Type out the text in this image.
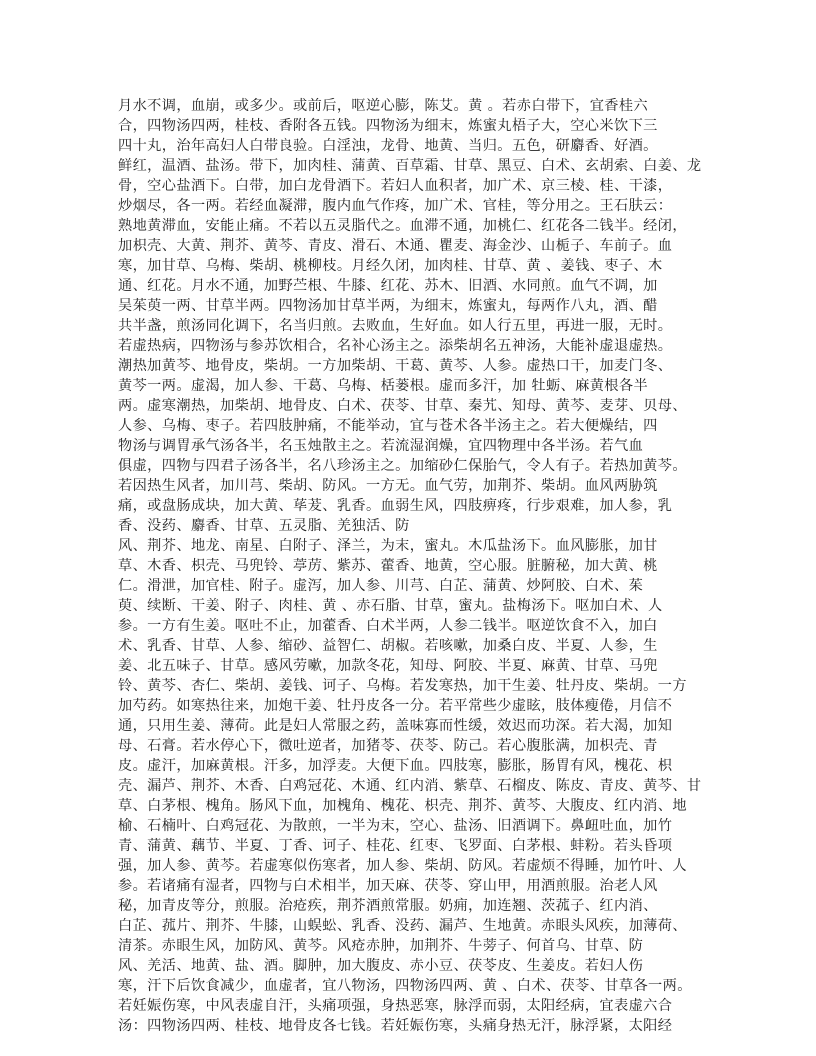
月水不调，血崩，或多少。或前后，呕逆心膨，陈艾。黄 。若赤白带下，宜香桂六
合，四物汤四两，桂枝、香附各五钱。四物汤为细末，炼蜜丸梧子大，空心米饮下三
四十丸，治年高妇人白带良验。白淫浊，龙骨、地黄、当归。五色，研麝香、好酒。
鲜红，温酒、盐汤。带下，加肉桂、蒲黄、百草霜、甘草、黑豆、白术、玄胡索、白姜、龙
骨，空心盐酒下。白带，加白龙骨酒下。若妇人血积者，加广术、京三棱、桂、干漆，
炒烟尽，各一两。若经血凝滞，腹内血气作疼，加广术、官桂，等分用之。王石肤云：
熟地黄滞血，安能止痛。不若以五灵脂代之。血滞不通，加桃仁、红花各二钱半。经闭，
加枳壳、大黄、荆芥、黄芩、青皮、滑石、木通、瞿麦、海金沙、山栀子、车前子。血
寒，加甘草、乌梅、柴胡、桃柳枝。月经久闭，加肉桂、甘草、黄 、姜钱、枣子、木
通、红花。月水不通，加野苎根、牛膝、红花、苏木、旧酒、水同煎。血气不调，加
吴茱萸一两、甘草半两。四物汤加甘草半两，为细末，炼蜜丸，每两作八丸，酒、醋
共半盏，煎汤同化调下，名当归煎。去败血，生好血。如人行五里，再进一服，无时。
若虚热病，四物汤与参苏饮相合，名补心汤主之。添柴胡名五神汤，大能补虚退虚热。
潮热加黄芩、地骨皮，柴胡。一方加柴胡、干葛、黄芩、人参。虚热口干，加麦门冬、
黄芩一两。虚渴，加人参、干葛、乌梅、栝蒌根。虚而多汗，加 牡蛎、麻黄根各半
两。虚寒潮热，加柴胡、地骨皮、白术、茯苓、甘草、秦艽、知母、黄芩、麦芽、贝母、
人参、乌梅、枣子。若四肢肿痛，不能举动，宜与苍术各半汤主之。若大便燥结，四
物汤与调胃承气汤各半，名玉烛散主之。若流湿润燥，宜四物理中各半汤。若气血
俱虚，四物与四君子汤各半，名八珍汤主之。加缩砂仁保胎气，令人有子。若热加黄芩。
若因热生风者，加川芎、柴胡、防风。一方无。血气劳，加荆芥、柴胡。血风两胁筑
痛，或盘肠成块，加大黄、荜茇、乳香。血弱生风，四肢痹疼，行步艰难，加人参，乳
香、没药、麝香、甘草、五灵脂、羌独活、防
风、荆芥、地龙、南星、白附子、泽兰，为末，蜜丸。木瓜盐汤下。血风膨胀，加甘
草、木香、枳壳、马兜铃、葶苈、紫苏、藿香、地黄，空心服。脏腑秘，加大黄、桃
仁。滑泄，加官桂、附子。虚泻，加人参、川芎、白芷、蒲黄、炒阿胶、白术、茱
萸、续断、干姜、附子、肉桂、黄 、赤石脂、甘草，蜜丸。盐梅汤下。呕加白术、人
参。一方有生姜。呕吐不止，加藿香、白术半两，人参二钱半。呕逆饮食不入，加白
术、乳香、甘草、人参、缩砂、益智仁、胡椒。若咳嗽，加桑白皮、半夏、人参，生
姜、北五味子、甘草。感风劳嗽，加款冬花，知母、阿胶、半夏、麻黄、甘草、马兜
铃、黄芩、杏仁、柴胡、姜钱、诃子、乌梅。若发寒热，加干生姜、牡丹皮、柴胡。一方
加芍药。如寒热往来，加炮干姜、牡丹皮各一分。若平常些少虚眩，肢体瘦倦，月信不
通，只用生姜、薄荷。此是妇人常服之药，盖味寡而性缓，效迟而功深。若大渴，加知
母、石膏。若水停心下，微吐逆者，加猪苓、茯苓、防己。若心腹胀满，加枳壳、青
皮。虚汗，加麻黄根。汗多，加浮麦。大便下血。四肢寒，膨胀，肠胃有风，槐花、枳
壳、漏芦、荆芥、木香、白鸡冠花、木通、红内消、紫草、石榴皮、陈皮、青皮、黄芩、甘
草、白茅根、槐角。肠风下血，加槐角、槐花、枳壳、荆芥、黄芩、大腹皮、红内消、地
榆、石楠叶、白鸡冠花、为散煎，一半为末，空心、盐汤、旧酒调下。鼻衄吐血，加竹
青、蒲黄、藕节、半夏、丁香、诃子、桂花、红枣、飞罗面、白茅根、蚌粉。若头昏项
强，加人参、黄芩。若虚寒似伤寒者，加人参、柴胡、防风。若虚烦不得睡，加竹叶、人
参。若诸痛有湿者，四物与白术相半，加天麻、茯苓、穿山甲，用酒煎服。治老人风
秘，加青皮等分，煎服。治疮疾，荆芥酒煎常服。奶痈，加连翘、茨菰子、红内消、
白芷、菰片、荆芥、牛膝，山蜈蚣、乳香、没药、漏芦、生地黄。赤眼头风疾，加薄荷、
清茶。赤眼生风，加防风、黄芩。风疮赤肿，加荆芥、牛蒡子、何首乌、甘草、防
风、羌活、地黄、盐、酒。脚肿，加大腹皮、赤小豆、茯苓皮、生姜皮。若妇人伤
寒，汗下后饮食减少，血虚者，宜八物汤，四物汤四两、黄 、白术、茯苓、甘草各一两。
若妊娠伤寒，中风表虚自汗，头痛项强，身热恶寒，脉浮而弱，太阳经病，宜表虚六合
汤：四物汤四两、桂枝、地骨皮各七钱。若妊娠伤寒，头痛身热无汗，脉浮紧，太阳经
